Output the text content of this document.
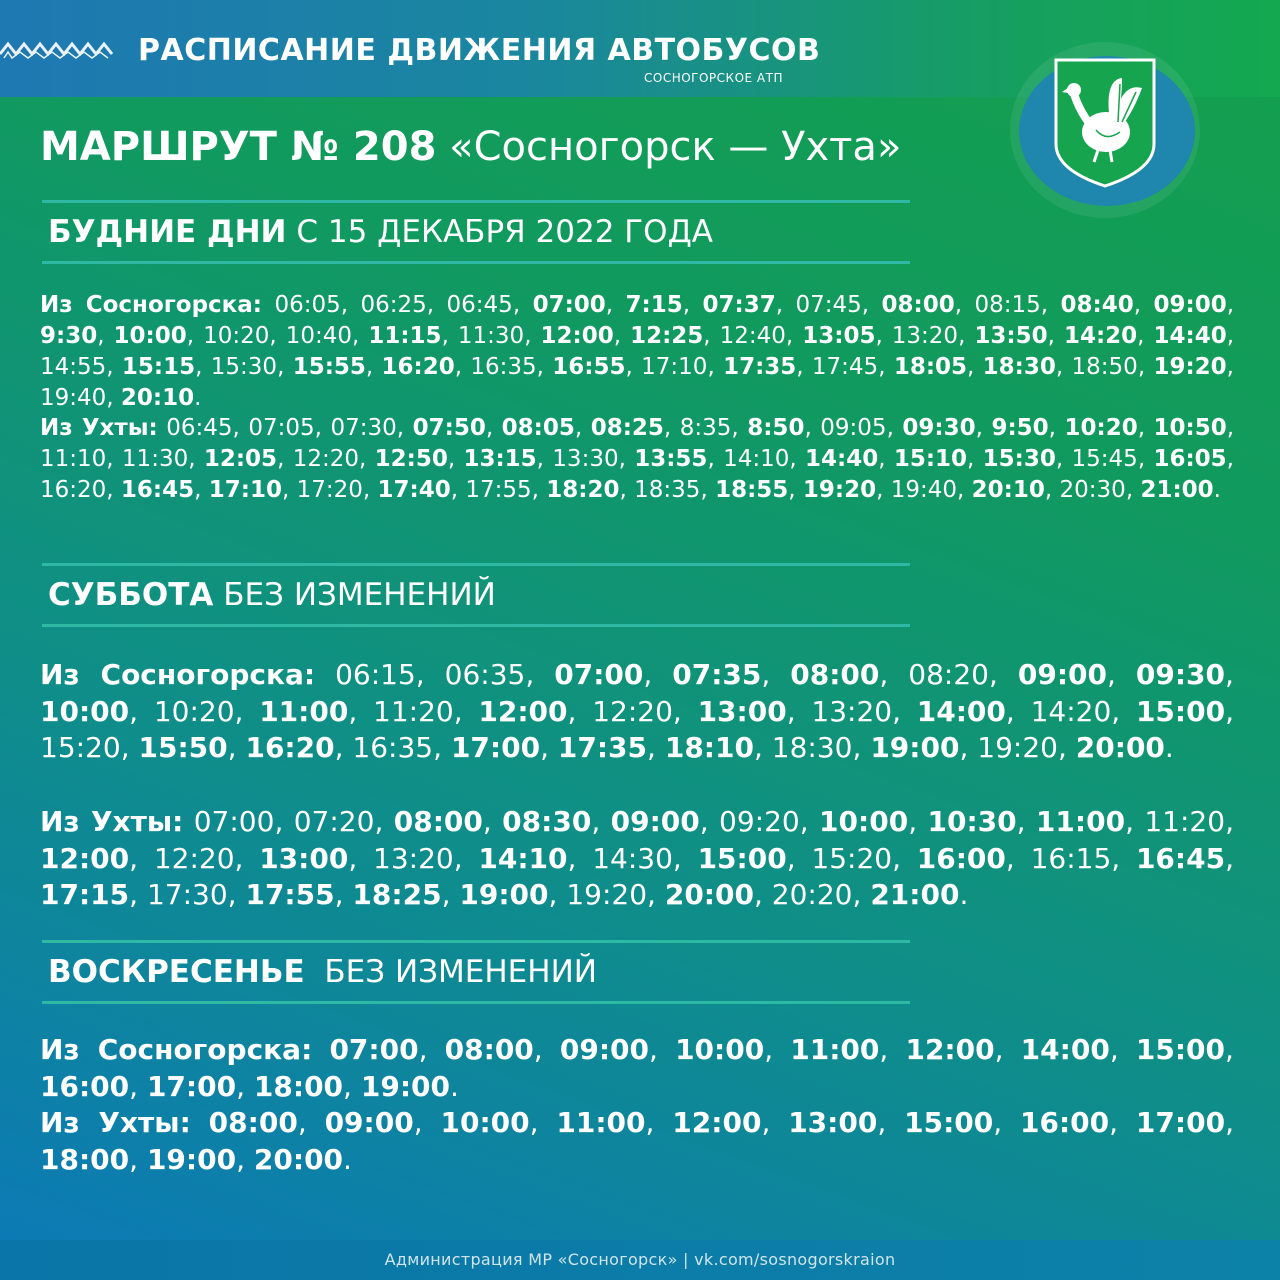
РАСПИСАНИЕ ДВИЖЕНИЯ АВТОБУСОВ
СОСНОГОРСКОЕ АТП
МАРШРУТ № 208 «Сосногорск — Ухта»
БУДНИЕ ДНИ С 15 ДЕКАБРЯ 2022 ГОДА
Из Сосногорска: 06:05, 06:25, 06:45, 07:00, 7:15, 07:37, 07:45, 08:00, 08:15, 08:40, 09:00, 9:30, 10:00, 10:20, 10:40, 11:15, 11:30, 12:00, 12:25, 12:40, 13:05, 13:20, 13:50, 14:20, 14:40, 14:55, 15:15, 15:30, 15:55, 16:20, 16:35, 16:55, 17:10, 17:35, 17:45, 18:05, 18:30, 18:50, 19:20, 19:40, 20:10.
Из Ухты: 06:45, 07:05, 07:30, 07:50, 08:05, 08:25, 8:35, 8:50, 09:05, 09:30, 9:50, 10:20, 10:50, 11:10, 11:30, 12:05, 12:20, 12:50, 13:15, 13:30, 13:55, 14:10, 14:40, 15:10, 15:30, 15:45, 16:05, 16:20, 16:45, 17:10, 17:20, 17:40, 17:55, 18:20, 18:35, 18:55, 19:20, 19:40, 20:10, 20:30, 21:00.
СУББОТА БЕЗ ИЗМЕНЕНИЙ
Из Сосногорска: 06:15, 06:35, 07:00, 07:35, 08:00, 08:20, 09:00, 09:30, 10:00, 10:20, 11:00, 11:20, 12:00, 12:20, 13:00, 13:20, 14:00, 14:20, 15:00, 15:20, 15:50, 16:20, 16:35, 17:00, 17:35, 18:10, 18:30, 19:00, 19:20, 20:00.
Из Ухты: 07:00, 07:20, 08:00, 08:30, 09:00, 09:20, 10:00, 10:30, 11:00, 11:20, 12:00, 12:20, 13:00, 13:20, 14:10, 14:30, 15:00, 15:20, 16:00, 16:15, 16:45, 17:15, 17:30, 17:55, 18:25, 19:00, 19:20, 20:00, 20:20, 21:00.
ВОСКРЕСЕНЬЕ БЕЗ ИЗМЕНЕНИЙ
Из Сосногорска: 07:00, 08:00, 09:00, 10:00, 11:00, 12:00, 14:00, 15:00, 16:00, 17:00, 18:00, 19:00.
Из Ухты: 08:00, 09:00, 10:00, 11:00, 12:00, 13:00, 15:00, 16:00, 17:00, 18:00, 19:00, 20:00.
Администрация МР «Сосногорск» | vk.com/sosnogorskraion
